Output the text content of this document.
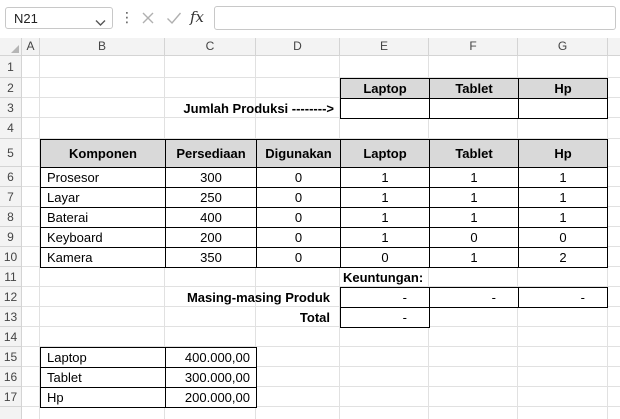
N21	⋮	fx
A	B	C	D	E	F	G
1
2
3
4
5
6
7
8
9
10
11
12
13
14
15
16
17
Laptop	Tablet	Hp
Jumlah Produksi -------->
Komponen	Persediaan	Digunakan	Laptop	Tablet	Hp
Prosesor	300	0	1	1	1
Layar	250	0	1	1	1
Baterai	400	0	1	1	1
Keyboard	200	0	1	0	0
Kamera	350	0	0	1	2
Keuntungan:
Masing-masing Produk	-	-	-
Total	-
Laptop	400.000,00
Tablet	300.000,00
Hp	200.000,00
